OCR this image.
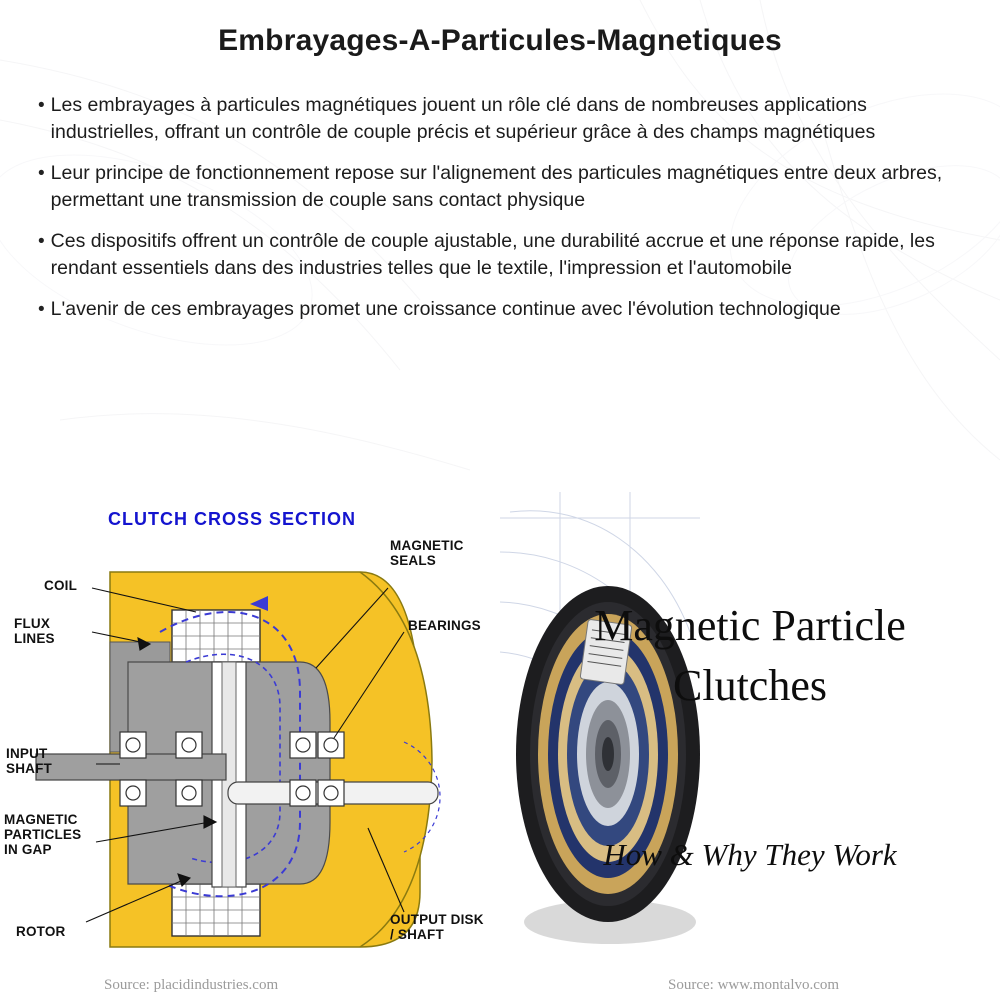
Embrayages-A-Particules-Magnetiques
• Les embrayages à particules magnétiques jouent un rôle clé dans de nombreuses applications industrielles, offrant un contrôle de couple précis et supérieur grâce à des champs magnétiques
• Leur principe de fonctionnement repose sur l'alignement des particules magnétiques entre deux arbres, permettant une transmission de couple sans contact physique
• Ces dispositifs offrent un contrôle de couple ajustable, une durabilité accrue et une réponse rapide, les rendant essentiels dans des industries telles que le textile, l'impression et l'automobile
• L'avenir de ces embrayages promet une croissance continue avec l'évolution technologique
CLUTCH CROSS SECTION
COIL
FLUX LINES
INPUT SHAFT
MAGNETIC PARTICLES IN GAP
ROTOR
MAGNETIC SEALS
BEARINGS
OUTPUT DISK / SHAFT
Source: placidindustries.com
Magnetic Particle
Clutches
How & Why They Work
Source: www.montalvo.com
